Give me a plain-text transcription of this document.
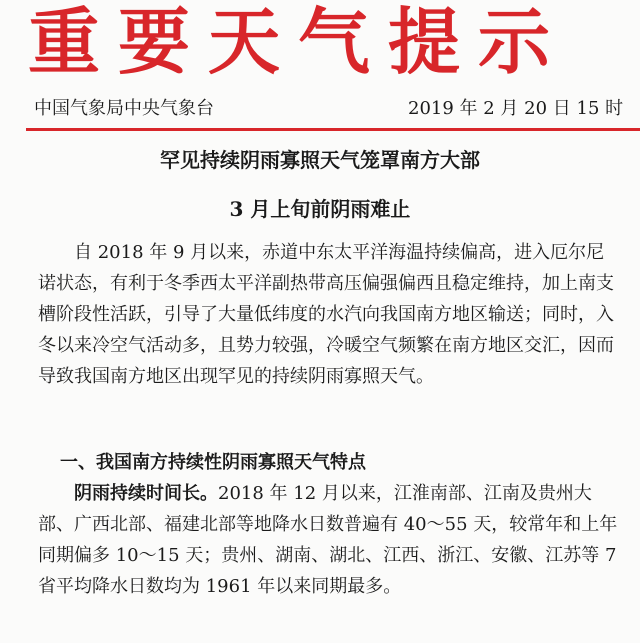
重要天气提示
中国气象局中央气象台	2019 年 2 月 20 日 15 时
罕见持续阴雨寡照天气笼罩南方大部
3 月上旬前阴雨难止

自 2018 年 9 月以来，赤道中东太平洋海温持续偏高，进入厄尔尼诺状态，有利于冬季西太平洋副热带高压偏强偏西且稳定维持，加上南支槽阶段性活跃，引导了大量低纬度的水汽向我国南方地区输送；同时，入冬以来冷空气活动多，且势力较强，冷暖空气频繁在南方地区交汇，因而导致我国南方地区出现罕见的持续阴雨寡照天气。

一、我国南方持续性阴雨寡照天气特点

阴雨持续时间长。2018 年 12 月以来，江淮南部、江南及贵州大部、广西北部、福建北部等地降水日数普遍有 40～55 天，较常年和上年同期偏多 10～15 天；贵州、湖南、湖北、江西、浙江、安徽、江苏等 7 省平均降水日数均为 1961 年以来同期最多。
